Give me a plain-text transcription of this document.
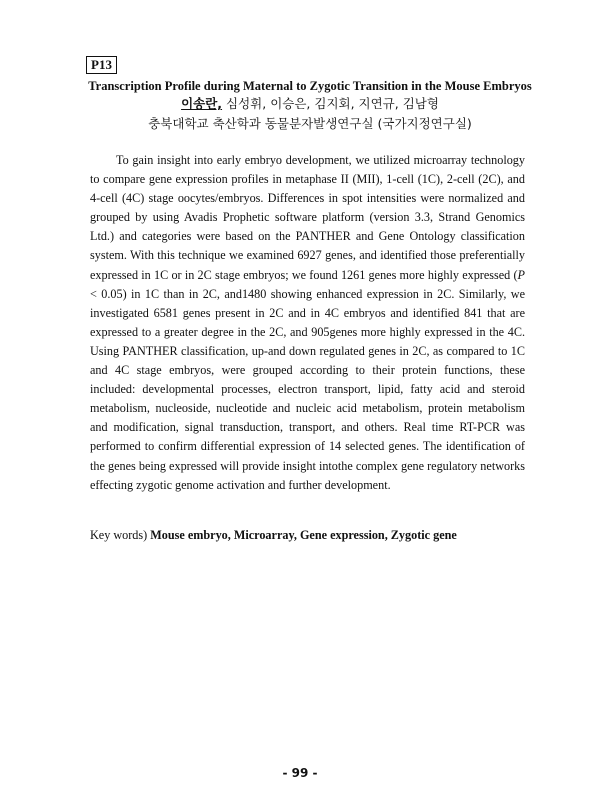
P13
Transcription Profile during Maternal to Zygotic Transition in the Mouse Embryos
이송란, 심성휘, 이승은, 김지회, 지연규, 김남형
충북대학교 축산학과 동물분자발생연구실 (국가지정연구실)

To gain insight into early embryo development, we utilized microarray technology to compare gene expression profiles in metaphase II (MII), 1-cell (1C), 2-cell (2C), and 4-cell (4C) stage oocytes/embryos. Differences in spot intensities were normalized and grouped by using Avadis Prophetic software platform (version 3.3, Strand Genomics Ltd.) and categories were based on the PANTHER and Gene Ontology classification system. With this technique we examined 6927 genes, and identified those preferentially expressed in 1C or in 2C stage embryos; we found 1261 genes more highly expressed (P < 0.05) in 1C than in 2C, and1480 showing enhanced expression in 2C. Similarly, we investigated 6581 genes present in 2C and in 4C embryos and identified 841 that are expressed to a greater degree in the 2C, and 905genes more highly expressed in the 4C. Using PANTHER classification, up-and down regulated genes in 2C, as compared to 1C and 4C stage embryos, were grouped according to their protein functions, these included: developmental processes, electron transport, lipid, fatty acid and steroid metabolism, nucleoside, nucleotide and nucleic acid metabolism, protein metabolism and modification, signal transduction, transport, and others. Real time RT-PCR was performed to confirm differential expression of 14 selected genes. The identification of the genes being expressed will provide insight intothe complex gene regulatory networks effecting zygotic genome activation and further development.

Key words) Mouse embryo, Microarray, Gene expression, Zygotic gene
- 99 -
